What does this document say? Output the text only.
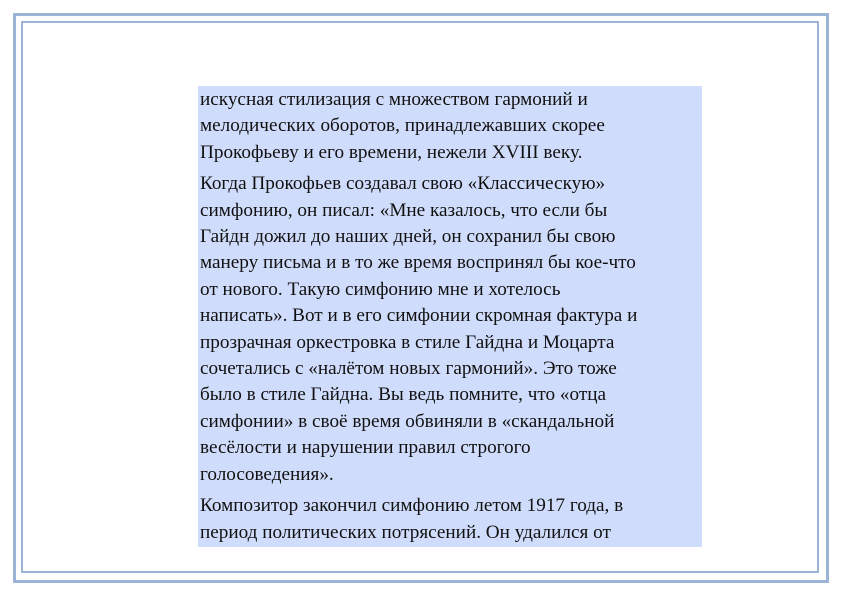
искусная стилизация с множеством гармоний и
мелодических оборотов, принадлежавших скорее
Прокофьеву и его времени, нежели XVIII веку.

Когда Прокофьев создавал свою «Классическую»
симфонию, он писал: «Мне казалось, что если бы
Гайдн дожил до наших дней, он сохранил бы свою
манеру письма и в то же время воспринял бы кое-что
от нового. Такую симфонию мне и хотелось
написать». Вот и в его симфонии скромная фактура и
прозрачная оркестровка в стиле Гайдна и Моцарта
сочетались с «налётом новых гармоний». Это тоже
было в стиле Гайдна. Вы ведь помните, что «отца
симфонии» в своё время обвиняли в «скандальной
весёлости и нарушении правил строгого
голосоведения».

Композитор закончил симфонию летом 1917 года, в
период политических потрясений. Он удалился от
